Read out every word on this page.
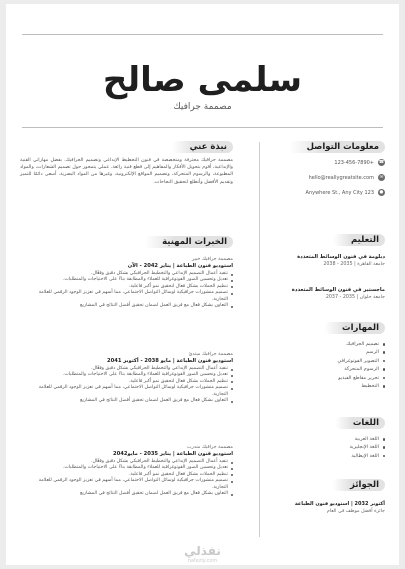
سلمى صالح
مصممة جرافيك
معلومات التواصل
☎
123-456-7890+
✉
hello@reallygreatsite.com
●
Anywhere St., Any City 123
نبذة عني
مصممة جرافيك محترفة ومتخصصة في فنون التخطيط الإبداعي وتصميم الجرافيك. بفضل مهاراتي الفنية والإبداعية، أقوم بتحويل الأفكار والمفاهيم إلى قطع فنية رائعة. عملي يتمحور حول تصميم الشعارات، والمواد المطبوعة، والرسوم المتحركة، وتصميم المواقع الإلكترونية، وغيرها من المواد البصرية. أسعى دائمًا للتميز وتقديم الأفضل وأتطلع لتحقيق النجاحات.
التعليم
دبلومة في فنون الوسائط المتعددة
جامعة القاهرة | 2035 - 2038
ماجستير في فنون الوسائط المتعددة
جامعة حلوان | 2035 - 2037
المهارات
تصميم الجرافيك
الرسم
التصوير الفوتوغرافي
الرسوم المتحركة
تحرير مقاطع الفيديو
التخطيط
اللغات
اللغة العربية
اللغة الإنجليزية
اللغة الإيطالية
الجوائز
أكتوبر 2032 | استوديو فنون الطباعة
جائزة أفضل موظف في العام
الخبرات المهنية
مصممة جرافيك خبير
استوديو فنون الطباعة | يناير 2042 - الآن
تنفيذ أعمال التصميم الإبداعي والتخطيط الجرافيكي بشكل دقيق وفعّال.
تعديل وتحسين الصور الفوتوغرافية للعملاء والمطابقة بناءً على الاحتياجات والمتطلبات.
تنظيم الحملات بشكل فعال لتحقيق نمو أكبر فاعلية.
تصميم منشورات جرافيكية لوسائل التواصل الاجتماعي، مما أسهم في تعزيز الوجود الرقمي للعلامة التجارية.
التعاون بشكل فعال مع فريق العمل لضمان تحقيق أفضل النتائج في المشاريع
مصممة جرافيك مبتدئ
استوديو فنون الطباعة | مايو 2038 - أكتوبر 2041
تنفيذ أعمال التصميم الإبداعي والتخطيط الجرافيكي بشكل دقيق وفعّال.
تعديل وتحسين الصور الفوتوغرافية للعملاء والمطابقة بناءً على الاحتياجات والمتطلبات.
تنظيم الحملات بشكل فعال لتحقيق نمو أكبر فاعلية.
تصميم منشورات جرافيكية لوسائل التواصل الاجتماعي، مما أسهم في تعزيز الوجود الرقمي للعلامة التجارية.
التعاون بشكل فعال مع فريق العمل لضمان تحقيق أفضل النتائج في المشاريع
مصممة جرافيك متدرب
استوديو فنون الطباعة | يناير 2035 - مايو2042
تنفيذ أعمال التصميم الإبداعي والتخطيط الجرافيكي بشكل دقيق وفعّال.
تعديل وتحسين الصور الفوتوغرافية للعملاء والمطابقة بناءً على الاحتياجات والمتطلبات.
تنظيم الحملات بشكل فعال لتحقيق نمو أكبر فاعلية.
تصميم منشورات جرافيكية لوسائل التواصل الاجتماعي، مما أسهم في تعزيز الوجود الرقمي للعلامة التجارية.
التعاون بشكل فعال مع فريق العمل لضمان تحقيق أفضل النتائج في المشاريع
نفذلي
nafezly.com
